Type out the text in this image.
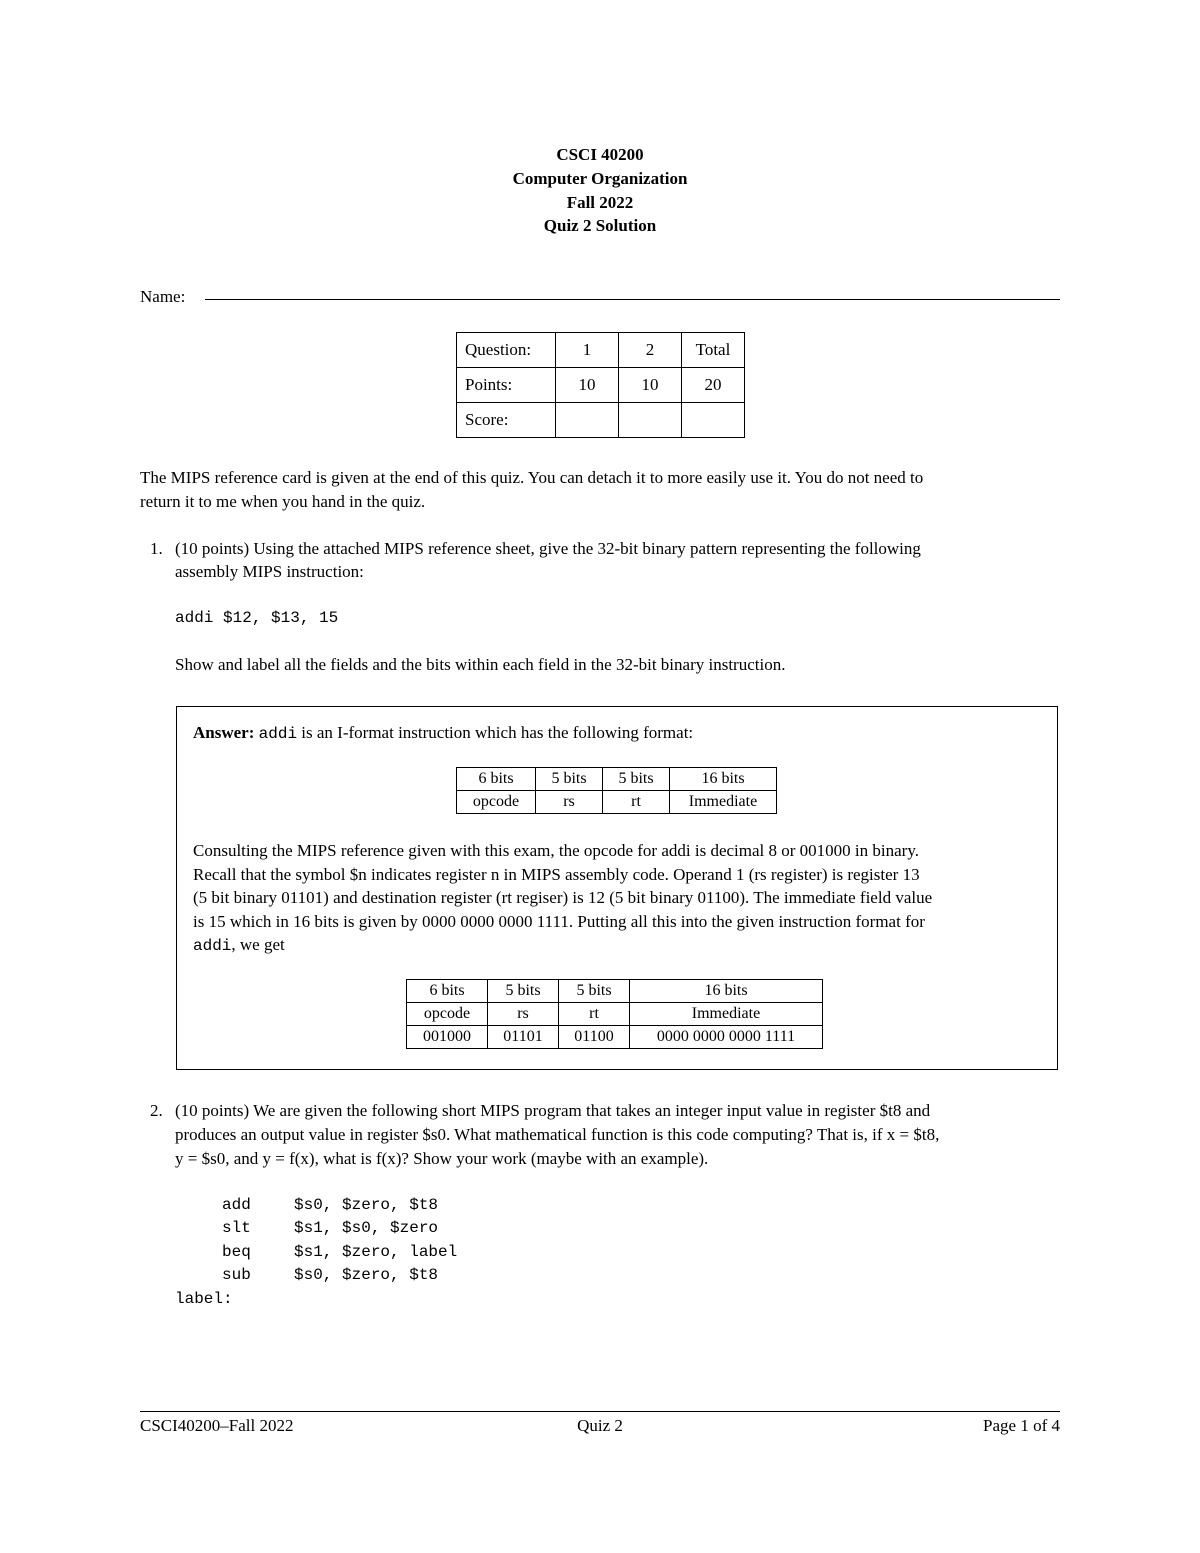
CSCI 40200
Computer Organization
Fall 2022
Quiz 2 Solution
Name:
Question:	1	2	Total
Points:	10	10	20
Score:			
The MIPS reference card is given at the end of this quiz. You can detach it to more easily use it. You do not need to
return it to me when you hand in the quiz.
1. (10 points) Using the attached MIPS reference sheet, give the 32-bit binary pattern representing the following
assembly MIPS instruction:
addi $12, $13, 15
Show and label all the fields and the bits within each field in the 32-bit binary instruction.
Answer: addi is an I-format instruction which has the following format:
6 bits	5 bits	5 bits	16 bits
opcode	rs	rt	Immediate
Consulting the MIPS reference given with this exam, the opcode for addi is decimal 8 or 001000 in binary.
Recall that the symbol $n indicates register n in MIPS assembly code. Operand 1 (rs register) is register 13
(5 bit binary 01101) and destination register (rt regiser) is 12 (5 bit binary 01100). The immediate field value
is 15 which in 16 bits is given by 0000 0000 0000 1111. Putting all this into the given instruction format for
addi, we get
6 bits	5 bits	5 bits	16 bits
opcode	rs	rt	Immediate
001000	01101	01100	0000 0000 0000 1111
2. (10 points) We are given the following short MIPS program that takes an integer input value in register $t8 and
produces an output value in register $s0. What mathematical function is this code computing? That is, if x = $t8,
y = $s0, and y = f(x), what is f(x)? Show your work (maybe with an example).
add	$s0, $zero, $t8
slt	$s1, $s0, $zero
beq	$s1, $zero, label
sub	$s0, $zero, $t8
label:
CSCI40200–Fall 2022	Quiz 2	Page 1 of 4
